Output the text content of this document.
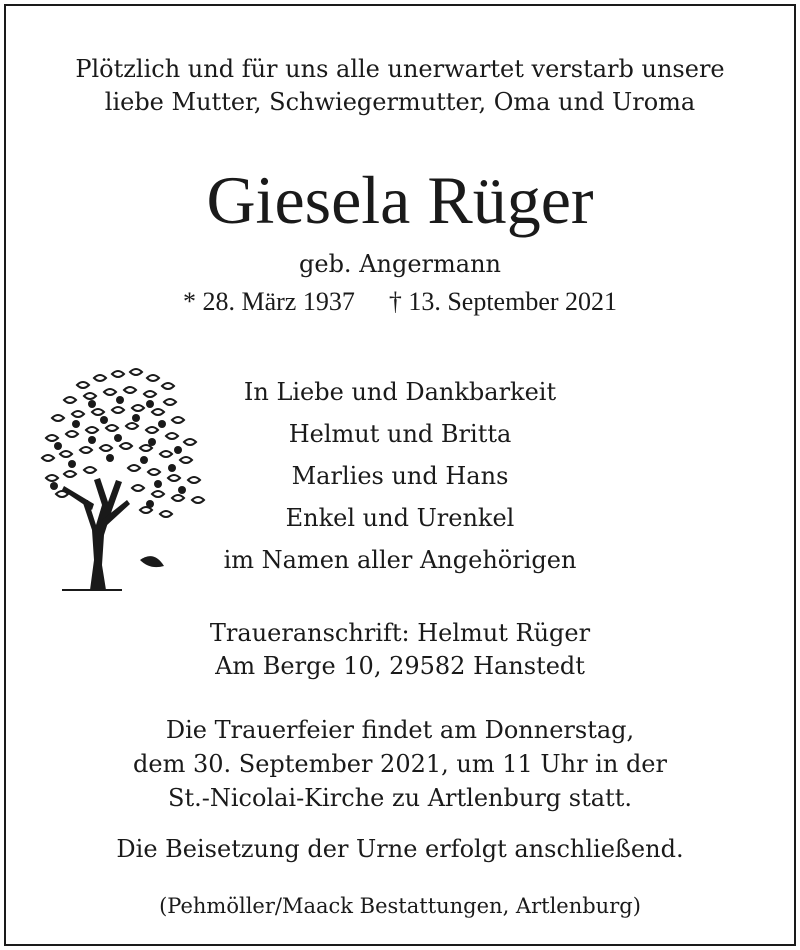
Plötzlich und für uns alle unerwartet verstarb unsere
liebe Mutter, Schwiegermutter, Oma und Uroma
Giesela Rüger
geb. Angermann
* 28. März 1937 † 13. September 2021
In Liebe und Dankbarkeit
Helmut und Britta
Marlies und Hans
Enkel und Urenkel
im Namen aller Angehörigen
Traueranschrift: Helmut Rüger
Am Berge 10, 29582 Hanstedt
Die Trauerfeier findet am Donnerstag,
dem 30. September 2021, um 11 Uhr in der
St.-Nicolai-Kirche zu Artlenburg statt.
Die Beisetzung der Urne erfolgt anschließend.
(Pehmöller/Maack Bestattungen, Artlenburg)
